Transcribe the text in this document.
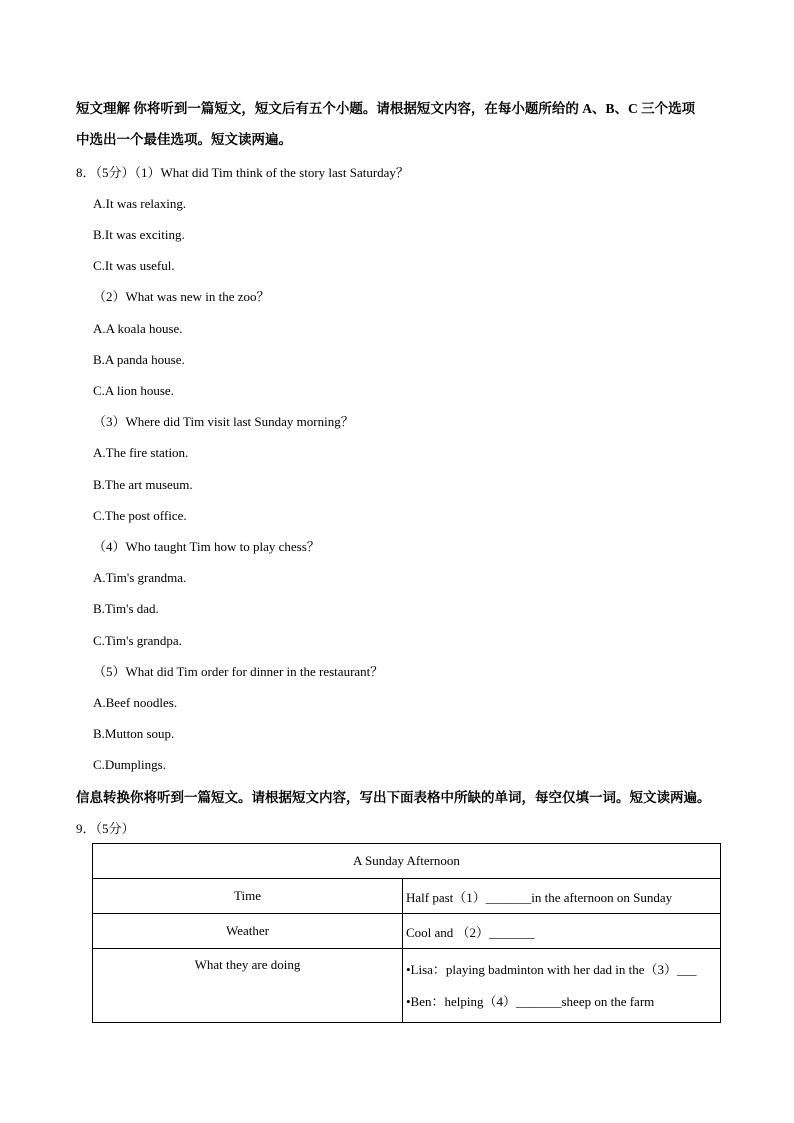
短文理解 你将听到一篇短文，短文后有五个小题。请根据短文内容，在每小题所给的 A、B、C 三个选项
中选出一个最佳选项。短文读两遍。
8．（5分）（1）What did Tim think of the story last Saturday？
A.It was relaxing.
B.It was exciting.
C.It was useful.
（2）What was new in the zoo？
A.A koala house.
B.A panda house.
C.A lion house.
（3）Where did Tim visit last Sunday morning？
A.The fire station.
B.The art museum.
C.The post office.
（4）Who taught Tim how to play chess？
A.Tim's grandma.
B.Tim's dad.
C.Tim's grandpa.
（5）What did Tim order for dinner in the restaurant？
A.Beef noodles.
B.Mutton soup.
C.Dumplings.
信息转换你将听到一篇短文。请根据短文内容，写出下面表格中所缺的单词，每空仅填一词。短文读两遍。
9．（5分）
A Sunday Afternoon	
Time	Half past（1）_______in the afternoon on Sunday
Weather	Cool and （2）_______
What they are doing	•Lisa：playing badminton with her dad in the（3）___
•Ben：helping（4）_______sheep on the farm
